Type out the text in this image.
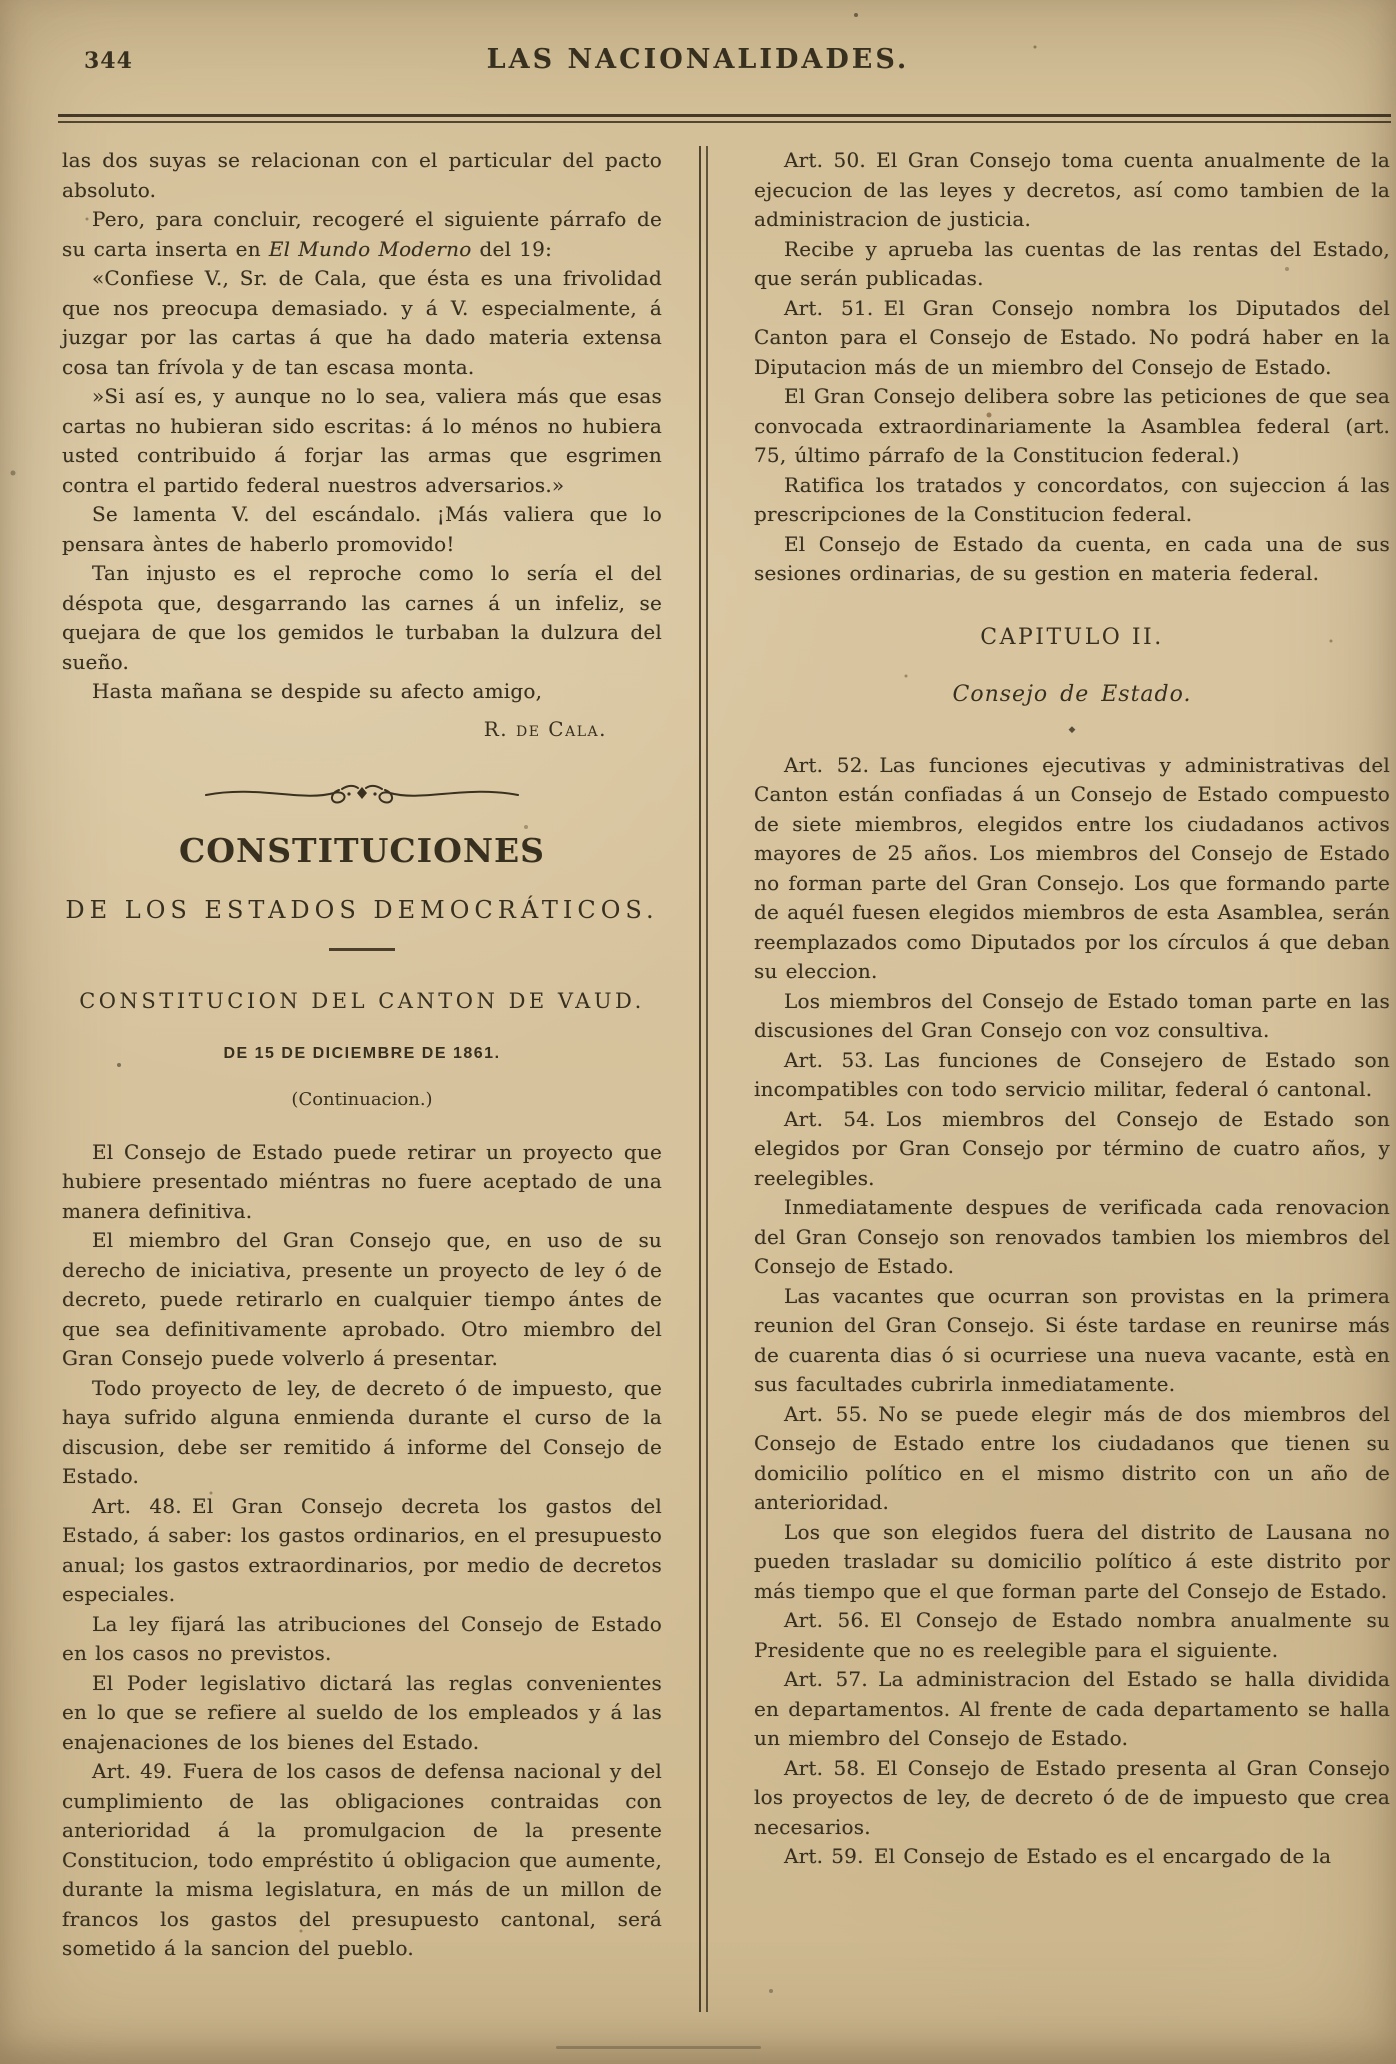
344	LAS NACIONALIDADES.

las dos suyas se relacionan con el particular del pacto absoluto.

Pero, para concluir, recogeré el siguiente párrafo de su carta inserta en El Mundo Moderno del 19:

«Confiese V., Sr. de Cala, que ésta es una frivolidad que nos preocupa demasiado. y á V. especialmente, á juzgar por las cartas á que ha dado materia extensa cosa tan frívola y de tan escasa monta.

»Si así es, y aunque no lo sea, valiera más que esas cartas no hubieran sido escritas: á lo ménos no hubiera usted contribuido á forjar las armas que esgrimen contra el partido federal nuestros adversarios.»

Se lamenta V. del escándalo. ¡Más valiera que lo pensara àntes de haberlo promovido!

Tan injusto es el reproche como lo sería el del déspota que, desgarrando las carnes á un infeliz, se quejara de que los gemidos le turbaban la dulzura del sueño.

Hasta mañana se despide su afecto amigo,

R. de Cala.
CONSTITUCIONES
DE LOS ESTADOS DEMOCRÁTICOS.
CONSTITUCION DEL CANTON DE VAUD.
DE 15 DE DICIEMBRE DE 1861.
(Continuacion.)

El Consejo de Estado puede retirar un proyecto que hubiere presentado miéntras no fuere aceptado de una manera definitiva.

El miembro del Gran Consejo que, en uso de su derecho de iniciativa, presente un proyecto de ley ó de decreto, puede retirarlo en cualquier tiempo ántes de que sea definitivamente aprobado. Otro miembro del Gran Consejo puede volverlo á presentar.

Todo proyecto de ley, de decreto ó de impuesto, que haya sufrido alguna enmienda durante el curso de la discusion, debe ser remitido á informe del Consejo de Estado.

Art. 48. El Gran Consejo decreta los gastos del Estado, á saber: los gastos ordinarios, en el presupuesto anual; los gastos extraordinarios, por medio de decretos especiales.

La ley fijará las atribuciones del Consejo de Estado en los casos no previstos.

El Poder legislativo dictará las reglas convenientes en lo que se refiere al sueldo de los empleados y á las enajenaciones de los bienes del Estado.

Art. 49. Fuera de los casos de defensa nacional y del cumplimiento de las obligaciones contraidas con anterioridad á la promulgacion de la presente Constitucion, todo empréstito ú obligacion que aumente, durante la misma legislatura, en más de un millon de francos los gastos del presupuesto cantonal, será sometido á la sancion del pueblo.

Art. 50. El Gran Consejo toma cuenta anualmente de la ejecucion de las leyes y decretos, así como tambien de la administracion de justicia.

Recibe y aprueba las cuentas de las rentas del Estado, que serán publicadas.

Art. 51. El Gran Consejo nombra los Diputados del Canton para el Consejo de Estado. No podrá haber en la Diputacion más de un miembro del Consejo de Estado.

El Gran Consejo delibera sobre las peticiones de que sea convocada extraordinariamente la Asamblea federal (art. 75, último párrafo de la Constitucion federal.)

Ratifica los tratados y concordatos, con sujeccion á las prescripciones de la Constitucion federal.

El Consejo de Estado da cuenta, en cada una de sus sesiones ordinarias, de su gestion en materia federal.

CAPITULO II.
Consejo de Estado.
◆

Art. 52. Las funciones ejecutivas y administrativas del Canton están confiadas á un Consejo de Estado compuesto de siete miembros, elegidos entre los ciudadanos activos mayores de 25 años. Los miembros del Consejo de Estado no forman parte del Gran Consejo. Los que formando parte de aquél fuesen elegidos miembros de esta Asamblea, serán reemplazados como Diputados por los círculos á que deban su eleccion.

Los miembros del Consejo de Estado toman parte en las discusiones del Gran Consejo con voz consultiva.

Art. 53. Las funciones de Consejero de Estado son incompatibles con todo servicio militar, federal ó cantonal.

Art. 54. Los miembros del Consejo de Estado son elegidos por Gran Consejo por término de cuatro años, y reelegibles.

Inmediatamente despues de verificada cada renovacion del Gran Consejo son renovados tambien los miembros del Consejo de Estado.

Las vacantes que ocurran son provistas en la primera reunion del Gran Consejo. Si éste tardase en reunirse más de cuarenta dias ó si ocurriese una nueva vacante, està en sus facultades cubrirla inmediatamente.

Art. 55. No se puede elegir más de dos miembros del Consejo de Estado entre los ciudadanos que tienen su domicilio político en el mismo distrito con un año de anterioridad.

Los que son elegidos fuera del distrito de Lausana no pueden trasladar su domicilio político á este distrito por más tiempo que el que forman parte del Consejo de Estado.

Art. 56. El Consejo de Estado nombra anualmente su Presidente que no es reelegible para el siguiente.

Art. 57. La administracion del Estado se halla dividida en departamentos. Al frente de cada departamento se halla un miembro del Consejo de Estado.

Art. 58. El Consejo de Estado presenta al Gran Consejo los proyectos de ley, de decreto ó de de impuesto que crea necesarios.

Art. 59. El Consejo de Estado es el encargado de la
